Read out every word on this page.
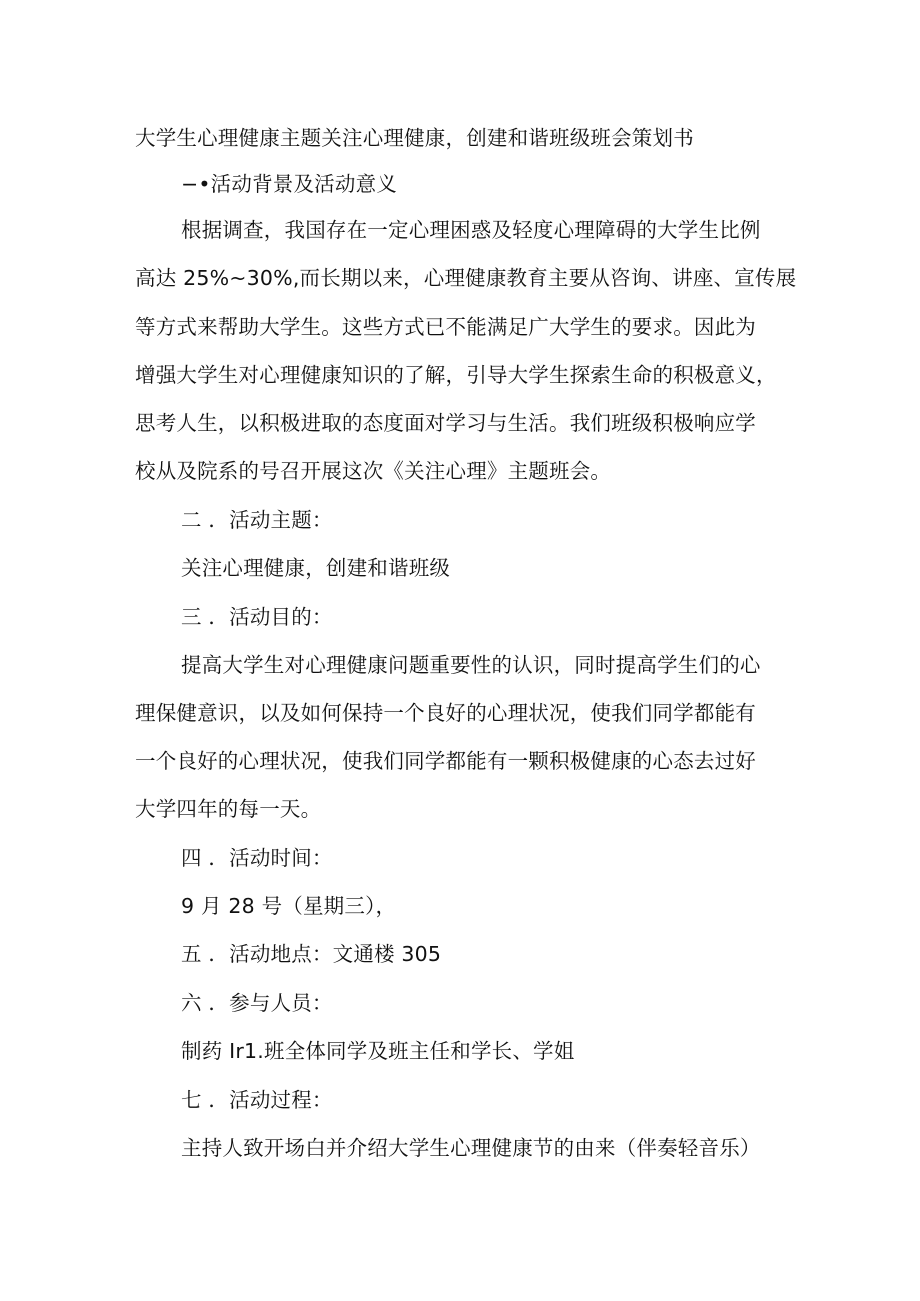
大学生心理健康主题关注心理健康，创建和谐班级班会策划书
−•活动背景及活动意义
根据调查，我国存在一定心理困惑及轻度心理障碍的大学生比例
高达 25%~30%,而长期以来，心理健康教育主要从咨询、讲座、宣传展
等方式来帮助大学生。这些方式已不能满足广大学生的要求。因此为
增强大学生对心理健康知识的了解，引导大学生探索生命的积极意义，
思考人生，以积极进取的态度面对学习与生活。我们班级积极响应学
校从及院系的号召开展这次《关注心理》主题班会。
二 ．活动主题：
关注心理健康，创建和谐班级
三 ．活动目的：
提高大学生对心理健康问题重要性的认识，同时提高学生们的心
理保健意识，以及如何保持一个良好的心理状况，使我们同学都能有
一个良好的心理状况，使我们同学都能有一颗积极健康的心态去过好
大学四年的每一天。
四 ．活动时间：
9 月 28 号（星期三），
五 ．活动地点：文通楼 305
六 ．参与人员：
制药 Ir1.班全体同学及班主任和学长、学姐
七 ．活动过程：
主持人致开场白并介绍大学生心理健康节的由来（伴奏轻音乐）
